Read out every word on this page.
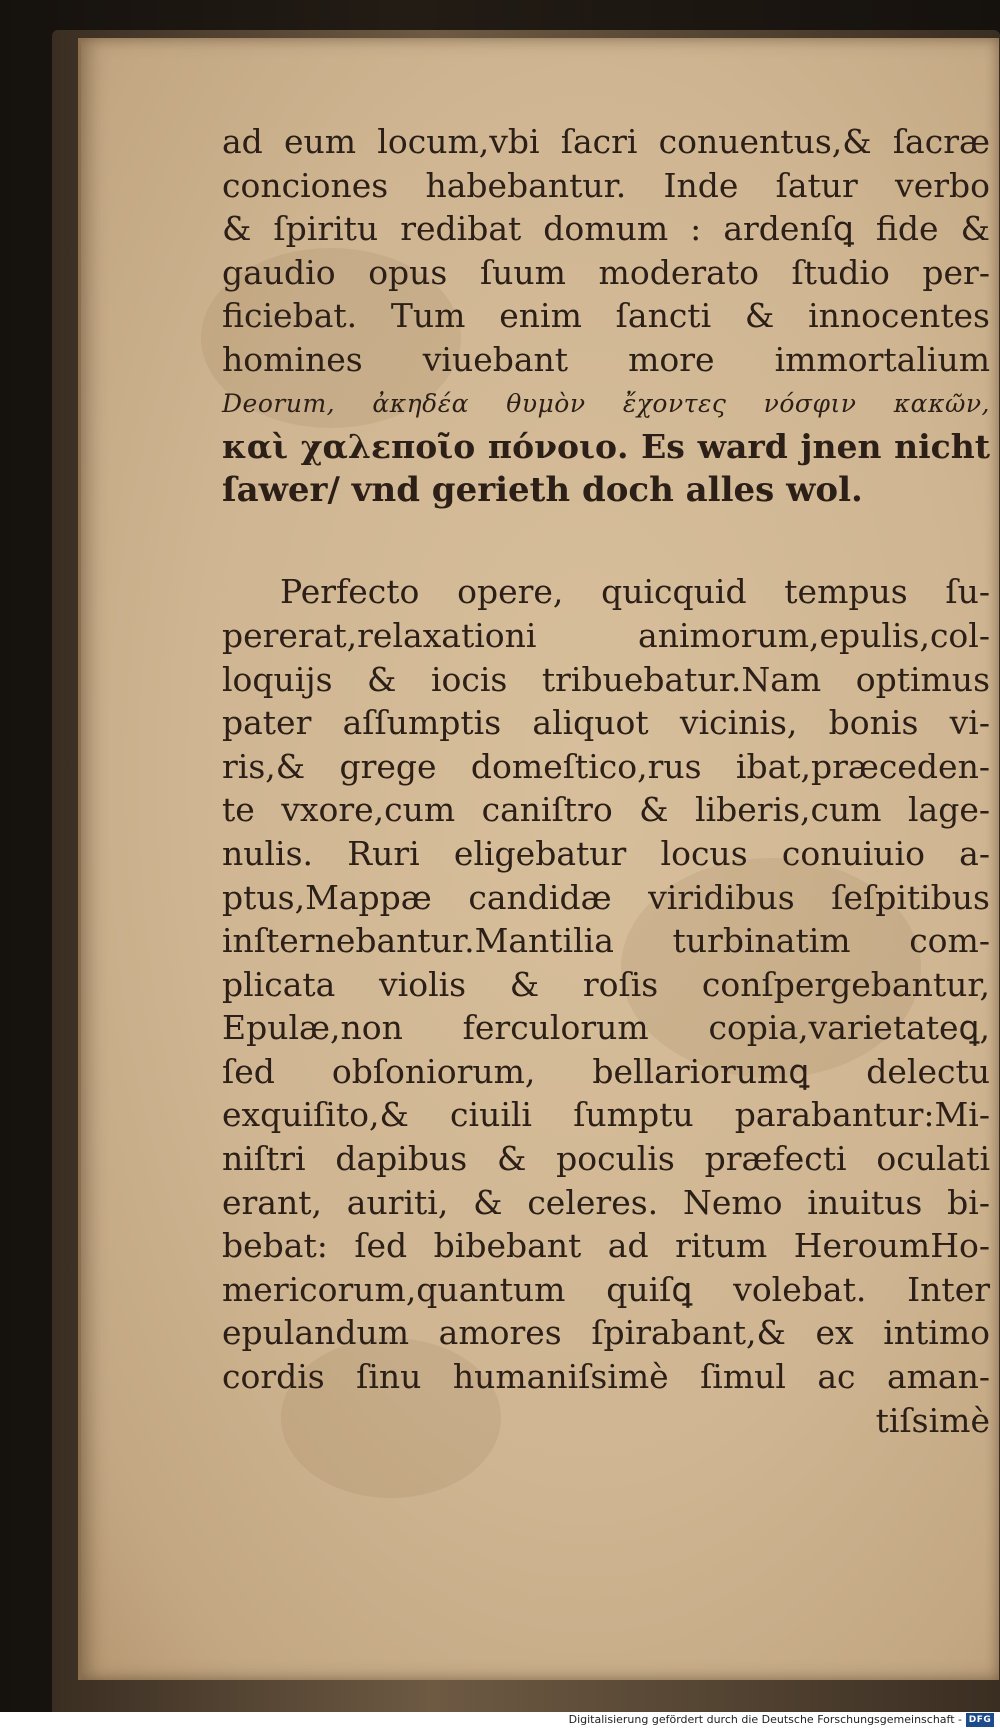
ad eum locum,vbi ſacri conuentus,& ſacræ
conciones habebantur. Inde ſatur verbo
& ſpiritu redibat domum : ardenſꝗ fide &
gaudio opus ſuum moderato ſtudio per-
ficiebat. Tum enim ſancti & innocentes
homines viuebant more immortalium
Deorum, ἀκηδέα θυμὸν ἔχοντες νόσφιν κακῶν,
καὶ χαλεποῖο πόνοιο. Es ward jnen nicht
ſawer/ vnd gerieth doch alles wol.
Perfecto opere, quicquid tempus ſu-
pererat,relaxationi animorum,epulis,col-
loquijs & iocis tribuebatur.Nam optimus
pater aſſumptis aliquot vicinis, bonis vi-
ris,& grege domeſtico,rus ibat,præceden-
te vxore,cum caniſtro & liberis,cum lage-
nulis. Ruri eligebatur locus conuiuio a-
ptus,Mappæ candidæ viridibus ſeſpitibus
inſternebantur.Mantilia turbinatim com-
plicata violis & roſis conſpergebantur,
Epulæ,non ferculorum copia,varietateꝗ,
ſed obſoniorum, bellariorumꝗ delectu
exquiſito,& ciuili ſumptu parabantur:Mi-
niſtri dapibus & poculis præfecti oculati
erant, auriti, & celeres. Nemo inuitus bi-
bebat: ſed bibebant ad ritum HeroumHo-
mericorum,quantum quiſꝗ volebat. Inter
epulandum amores ſpirabant,& ex intimo
cordis ſinu humaniſsimè ſimul ac aman-
tiſsimè
Digitalisierung gefördert durch die Deutsche Forschungsgemeinschaft - DFG
